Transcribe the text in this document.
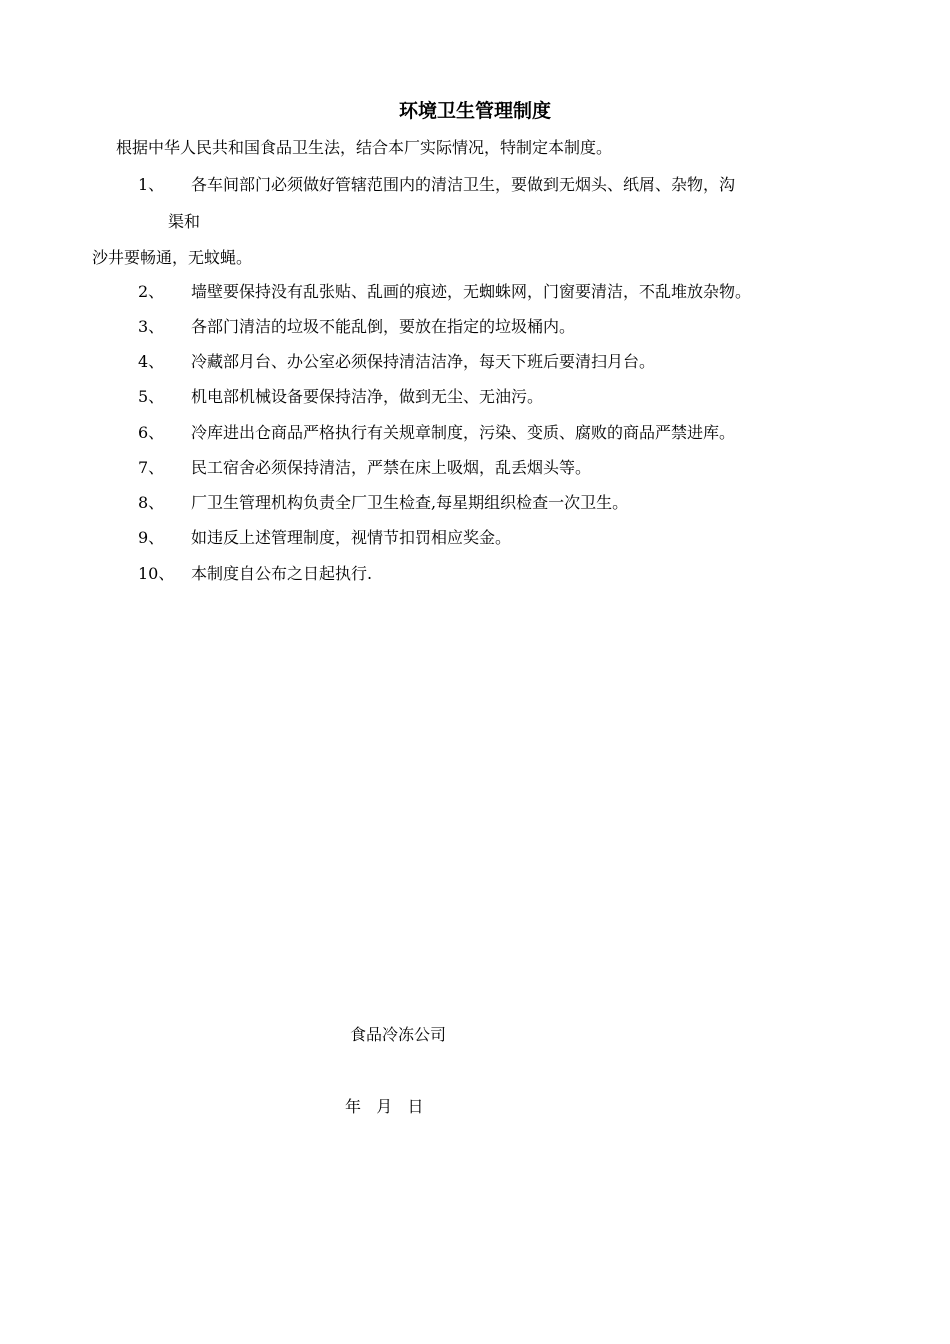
环境卫生管理制度
根据中华人民共和国食品卫生法，结合本厂实际情况，特制定本制度。
1、 各车间部门必须做好管辖范围内的清洁卫生，要做到无烟头、纸屑、杂物，沟
渠和
沙井要畅通，无蚊蝇。
2、 墙壁要保持没有乱张贴、乱画的痕迹，无蜘蛛网，门窗要清洁，不乱堆放杂物。
3、 各部门清洁的垃圾不能乱倒，要放在指定的垃圾桶内。
4、 冷藏部月台、办公室必须保持清洁洁净，每天下班后要清扫月台。
5、 机电部机械设备要保持洁净，做到无尘、无油污。
6、 冷库进出仓商品严格执行有关规章制度，污染、变质、腐败的商品严禁进库。
7、 民工宿舍必须保持清洁，严禁在床上吸烟，乱丢烟头等。
8、 厂卫生管理机构负责全厂卫生检查,每星期组织检查一次卫生。
9、 如违反上述管理制度，视情节扣罚相应奖金。
10、 本制度自公布之日起执行.
食品冷冻公司
年   月   日
